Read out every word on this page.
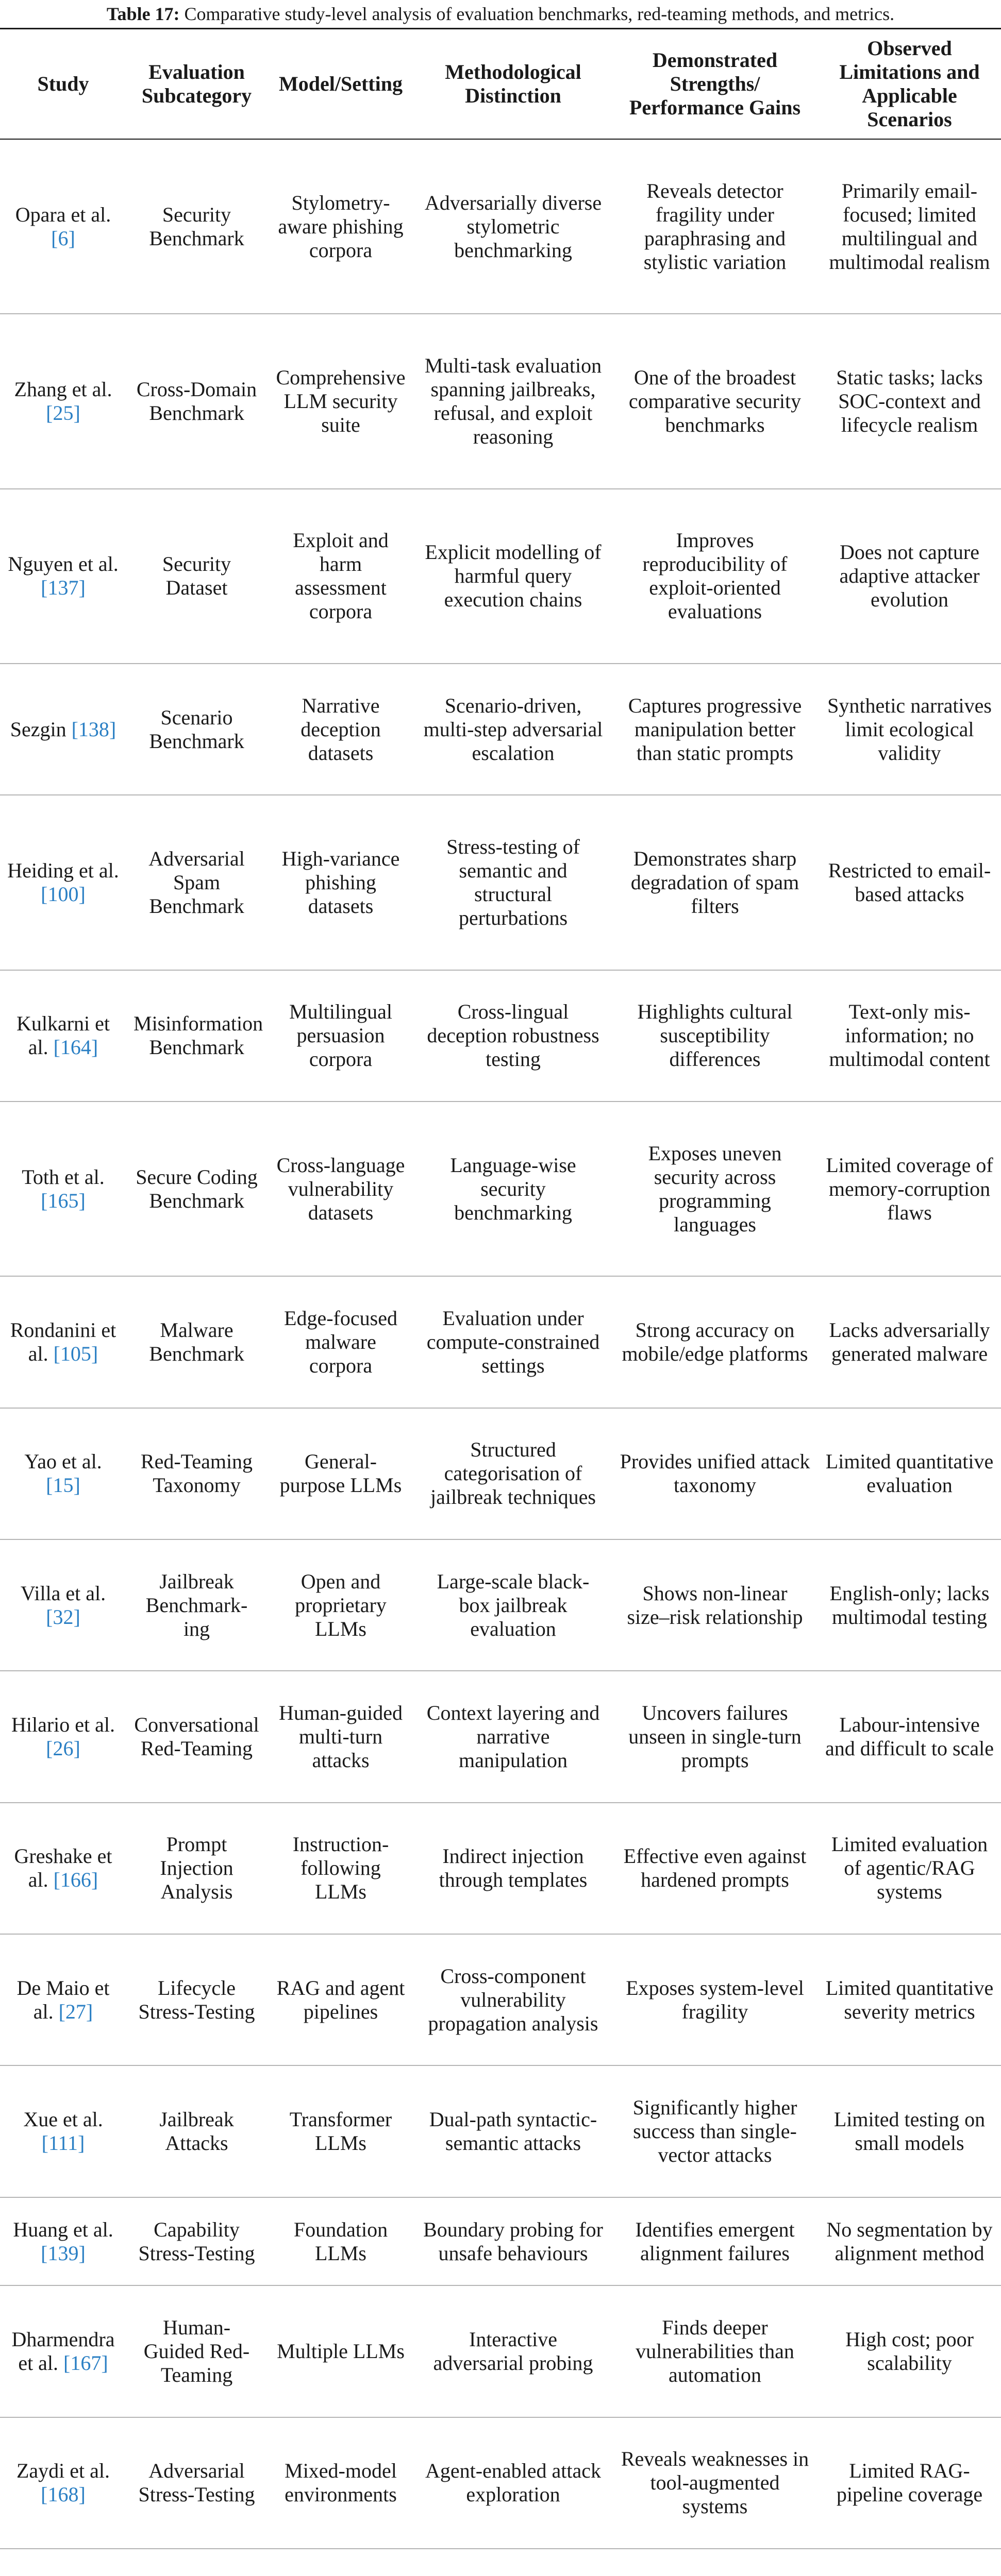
Table 17: Comparative study-level analysis of evaluation benchmarks, red-teaming methods, and metrics.
Study	Evaluation Subcategory	Model/Setting	Methodological Distinction	Demonstrated Strengths/ Performance Gains	Observed Limitations and Applicable Scenarios
Opara et al. [6]	Security Benchmark	Stylometry-aware phishing corpora	Adversarially diverse stylometric benchmarking	Reveals detector fragility under paraphrasing and stylistic variation	Primarily email-focused; limited multilingual and multimodal realism
Zhang et al. [25]	Cross-Domain Benchmark	Comprehensive LLM security suite	Multi-task evaluation spanning jailbreaks, refusal, and exploit reasoning	One of the broadest comparative security benchmarks	Static tasks; lacks SOC-context and lifecycle realism
Nguyen et al. [137]	Security Dataset	Exploit and harm assessment corpora	Explicit modelling of harmful query execution chains	Improves reproducibility of exploit-oriented evaluations	Does not capture adaptive attacker evolution
Sezgin [138]	Scenario Benchmark	Narrative deception datasets	Scenario-driven, multi-step adversarial escalation	Captures progressive manipulation better than static prompts	Synthetic narratives limit ecological validity
Heiding et al. [100]	Adversarial Spam Benchmark	High-variance phishing datasets	Stress-testing of semantic and structural perturbations	Demonstrates sharp degradation of spam filters	Restricted to email-based attacks
Kulkarni et al. [164]	Misinformation Benchmark	Multilingual persuasion corpora	Cross-lingual deception robustness testing	Highlights cultural susceptibility differences	Text-only mis-information; no multimodal content
Toth et al. [165]	Secure Coding Benchmark	Cross-language vulnerability datasets	Language-wise security benchmarking	Exposes uneven security across programming languages	Limited coverage of memory-corruption flaws
Rondanini et al. [105]	Malware Benchmark	Edge-focused malware corpora	Evaluation under compute-constrained settings	Strong accuracy on mobile/edge platforms	Lacks adversarially generated malware
Yao et al. [15]	Red-Teaming Taxonomy	General-purpose LLMs	Structured categorisation of jailbreak techniques	Provides unified attack taxonomy	Limited quantitative evaluation
Villa et al. [32]	Jailbreak Benchmark-ing	Open and proprietary LLMs	Large-scale black-box jailbreak evaluation	Shows non-linear size–risk relationship	English-only; lacks multimodal testing
Hilario et al. [26]	Conversational Red-Teaming	Human-guided multi-turn attacks	Context layering and narrative manipulation	Uncovers failures unseen in single-turn prompts	Labour-intensive and difficult to scale
Greshake et al. [166]	Prompt Injection Analysis	Instruction-following LLMs	Indirect injection through templates	Effective even against hardened prompts	Limited evaluation of agentic/RAG systems
De Maio et al. [27]	Lifecycle Stress-Testing	RAG and agent pipelines	Cross-component vulnerability propagation analysis	Exposes system-level fragility	Limited quantitative severity metrics
Xue et al. [111]	Jailbreak Attacks	Transformer LLMs	Dual-path syntactic-semantic attacks	Significantly higher success than single-vector attacks	Limited testing on small models
Huang et al. [139]	Capability Stress-Testing	Foundation LLMs	Boundary probing for unsafe behaviours	Identifies emergent alignment failures	No segmentation by alignment method
Dharmendra et al. [167]	Human-Guided Red-Teaming	Multiple LLMs	Interactive adversarial probing	Finds deeper vulnerabilities than automation	High cost; poor scalability
Zaydi et al. [168]	Adversarial Stress-Testing	Mixed-model environments	Agent-enabled attack exploration	Reveals weaknesses in tool-augmented systems	Limited RAG-pipeline coverage
